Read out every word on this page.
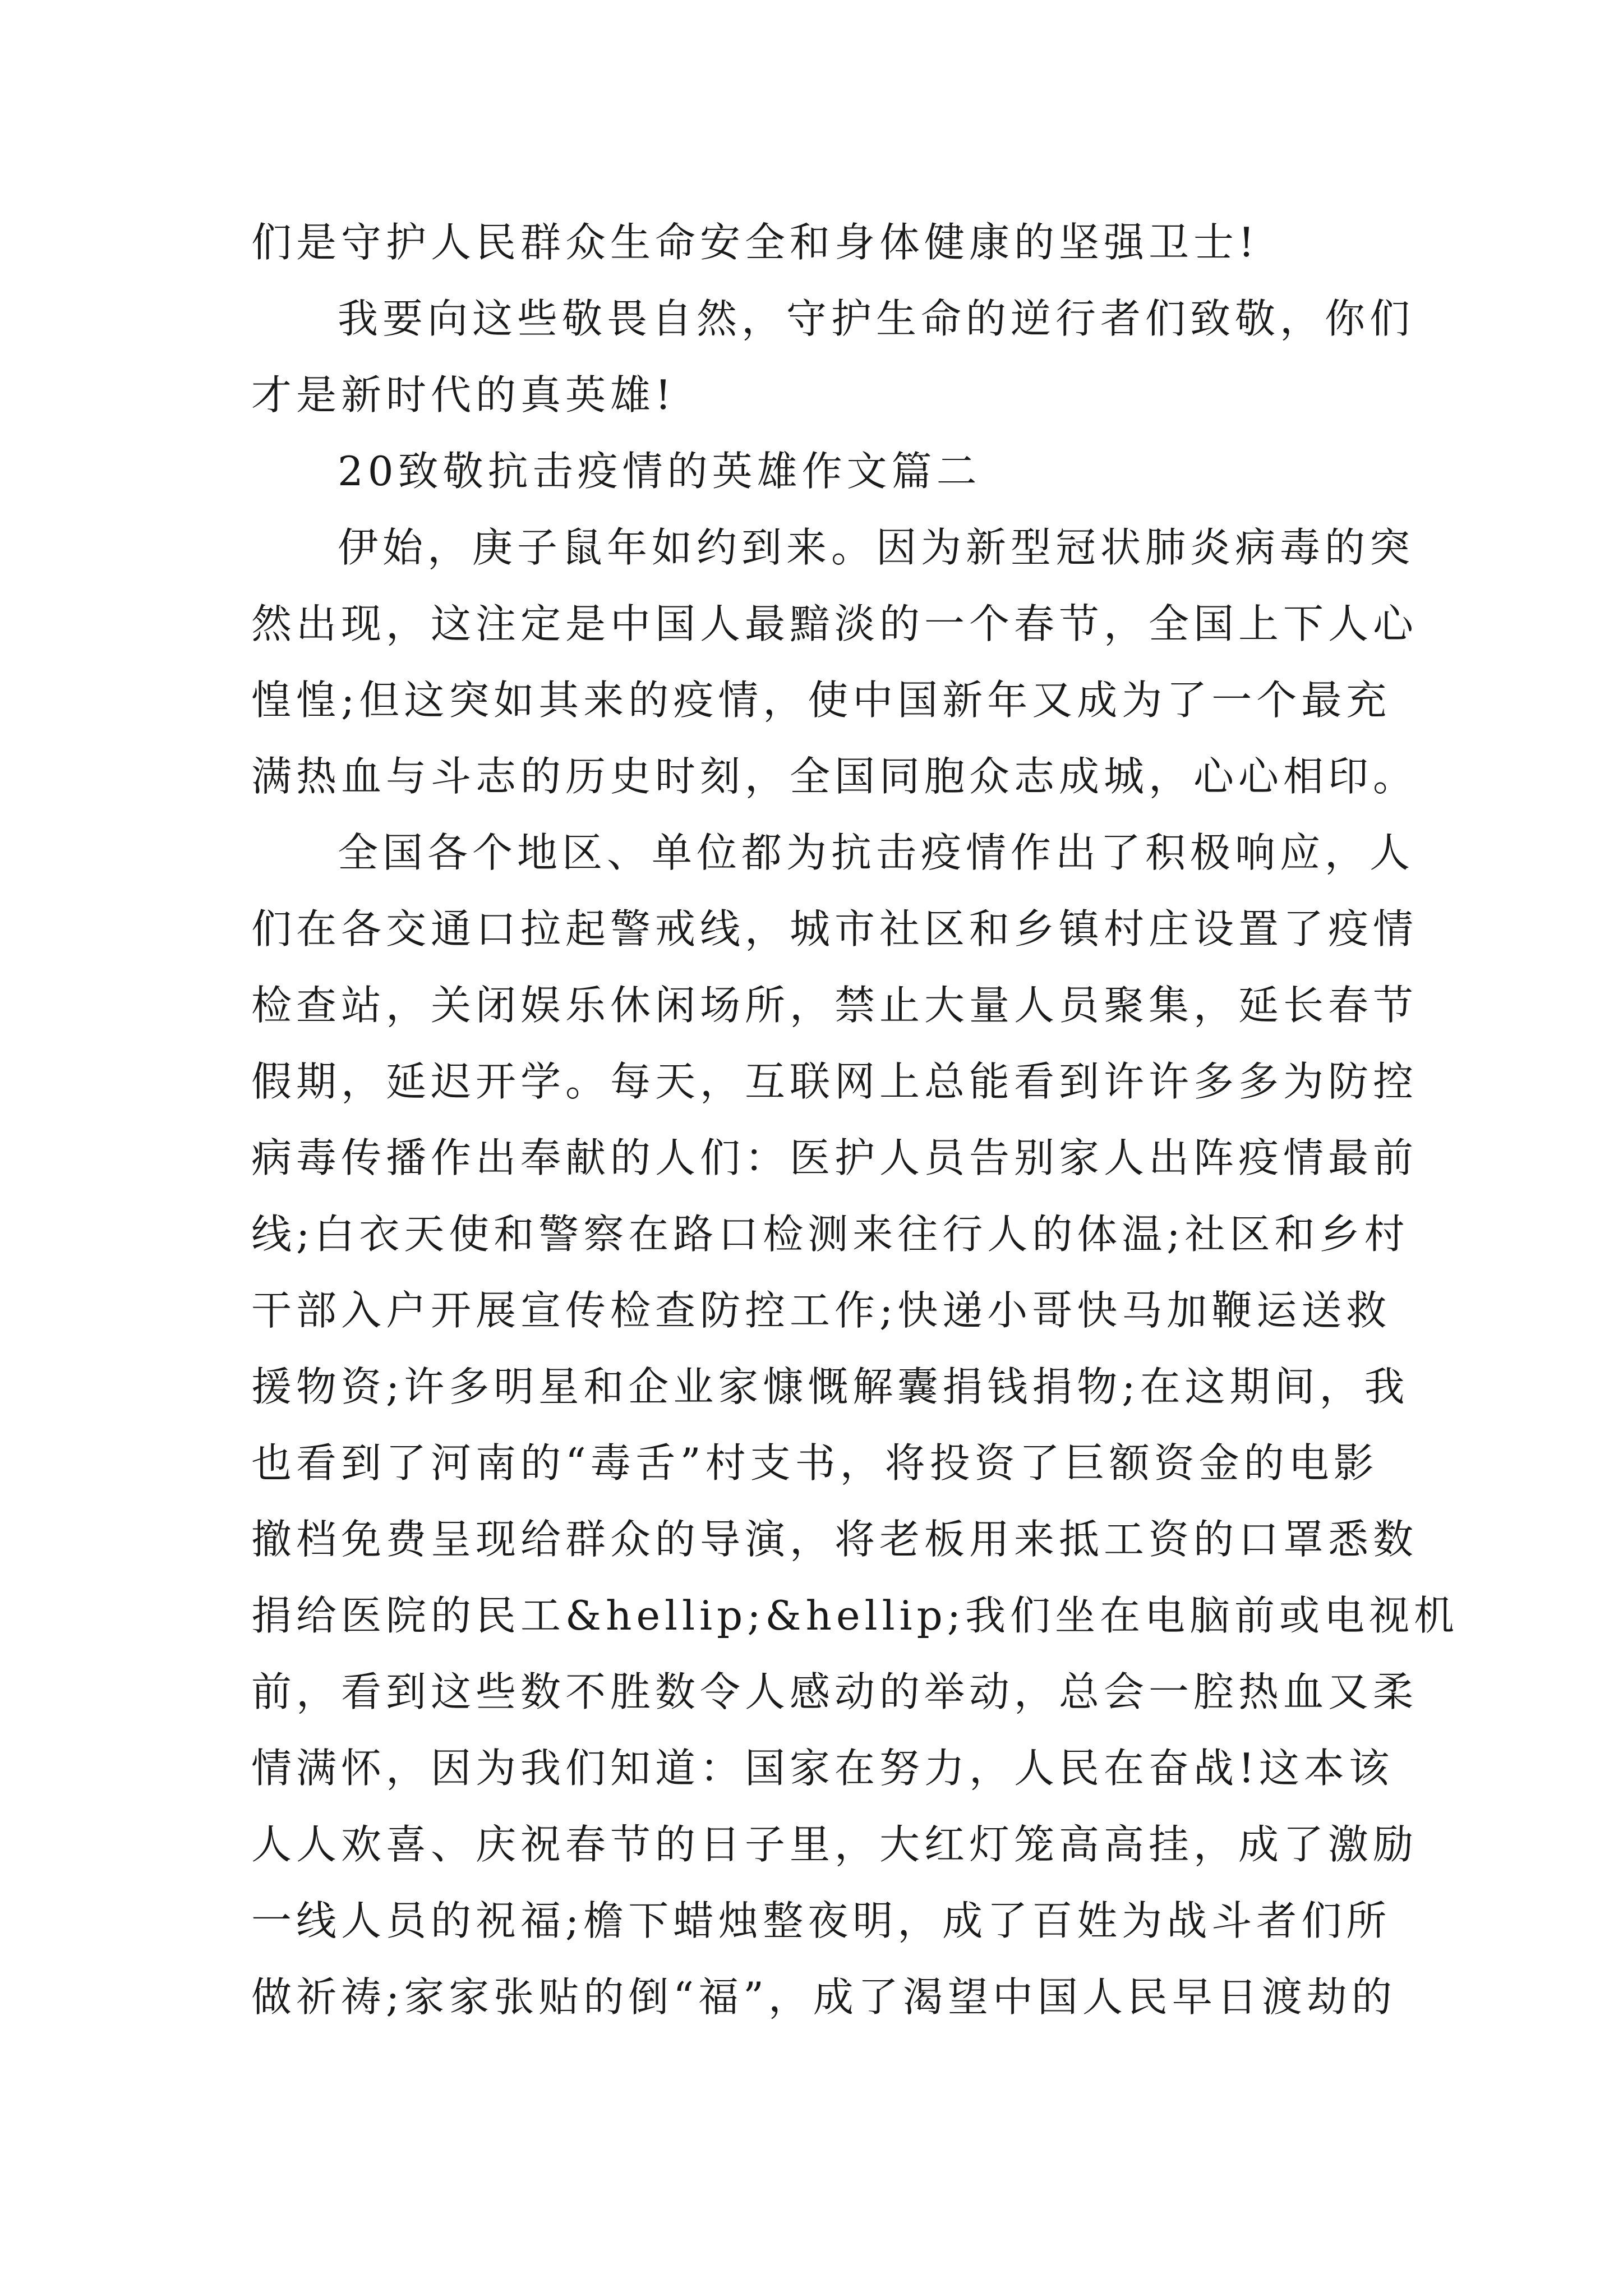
们是守护人民群众生命安全和身体健康的坚强卫士!
我要向这些敬畏自然，守护生命的逆行者们致敬，你们
才是新时代的真英雄!
20致敬抗击疫情的英雄作文篇二
伊始，庚子鼠年如约到来。因为新型冠状肺炎病毒的突
然出现，这注定是中国人最黯淡的一个春节，全国上下人心
惶惶;但这突如其来的疫情，使中国新年又成为了一个最充
满热血与斗志的历史时刻，全国同胞众志成城，心心相印。
全国各个地区、单位都为抗击疫情作出了积极响应，人
们在各交通口拉起警戒线，城市社区和乡镇村庄设置了疫情
检查站，关闭娱乐休闲场所，禁止大量人员聚集，延长春节
假期，延迟开学。每天，互联网上总能看到许许多多为防控
病毒传播作出奉献的人们：医护人员告别家人出阵疫情最前
线;白衣天使和警察在路口检测来往行人的体温;社区和乡村
干部入户开展宣传检查防控工作;快递小哥快马加鞭运送救
援物资;许多明星和企业家慷慨解囊捐钱捐物;在这期间，我
也看到了河南的“毒舌”村支书，将投资了巨额资金的电影
撤档免费呈现给群众的导演，将老板用来抵工资的口罩悉数
捐给医院的民工&hellip;&hellip;我们坐在电脑前或电视机
前，看到这些数不胜数令人感动的举动，总会一腔热血又柔
情满怀，因为我们知道：国家在努力，人民在奋战!这本该
人人欢喜、庆祝春节的日子里，大红灯笼高高挂，成了激励
一线人员的祝福;檐下蜡烛整夜明，成了百姓为战斗者们所
做祈祷;家家张贴的倒“福”，成了渴望中国人民早日渡劫的
